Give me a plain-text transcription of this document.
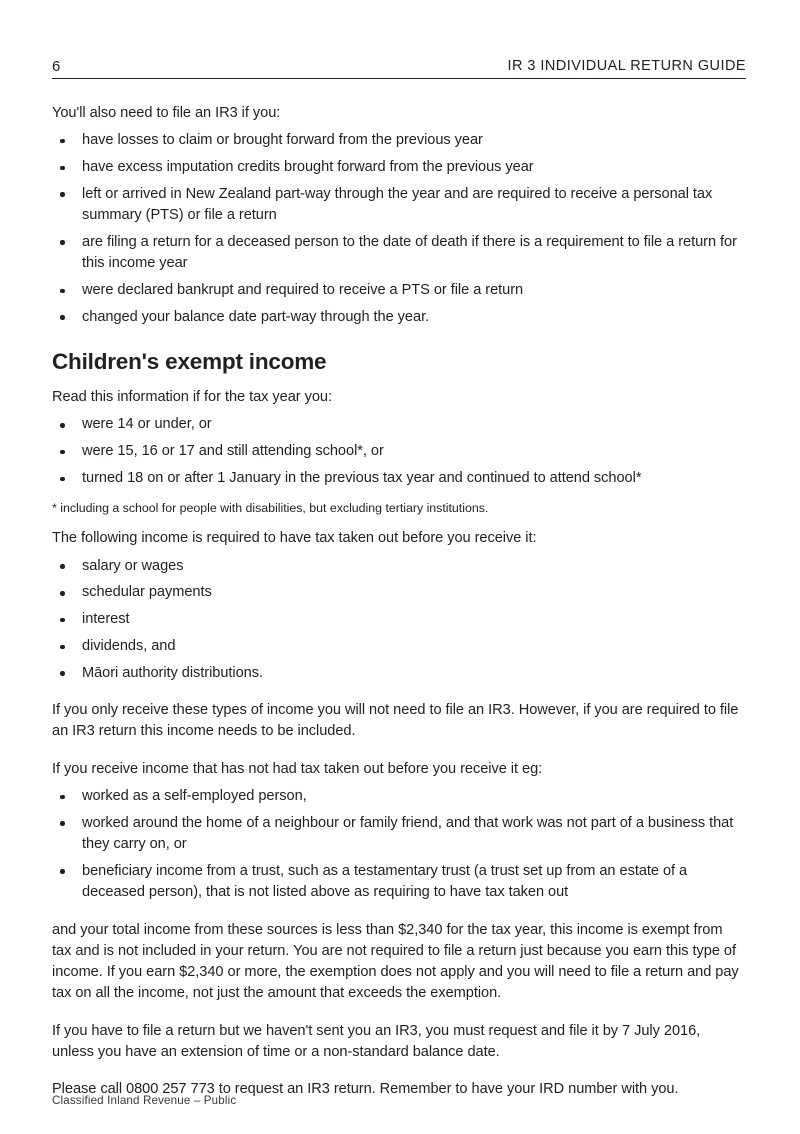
6	IR 3 INDIVIDUAL RETURN GUIDE

You'll also need to file an IR3 if you:

have losses to claim or brought forward from the previous year
have excess imputation credits brought forward from the previous year
left or arrived in New Zealand part-way through the year and are required to receive a personal tax summary (PTS) or file a return
are filing a return for a deceased person to the date of death if there is a requirement to file a return for this income year
were declared bankrupt and required to receive a PTS or file a return
changed your balance date part-way through the year.
Children's exempt income

Read this information if for the tax year you:

were 14 or under, or
were 15, 16 or 17 and still attending school*, or
turned 18 on or after 1 January in the previous tax year and continued to attend school*

* including a school for people with disabilities, but excluding tertiary institutions.

The following income is required to have tax taken out before you receive it:

salary or wages
schedular payments
interest
dividends, and
Māori authority distributions.

If you only receive these types of income you will not need to file an IR3. However, if you are required to file an IR3 return this income needs to be included.

If you receive income that has not had tax taken out before you receive it eg:

worked as a self-employed person,
worked around the home of a neighbour or family friend, and that work was not part of a business that they carry on, or
beneficiary income from a trust, such as a testamentary trust (a trust set up from an estate of a deceased person), that is not listed above as requiring to have tax taken out

and your total income from these sources is less than $2,340 for the tax year, this income is exempt from tax and is not included in your return. You are not required to file a return just because you earn this type of income. If you earn $2,340 or more, the exemption does not apply and you will need to file a return and pay tax on all the income, not just the amount that exceeds the exemption.

If you have to file a return but we haven't sent you an IR3, you must request and file it by 7 July 2016, unless you have an extension of time or a non-standard balance date.

Please call 0800 257 773 to request an IR3 return. Remember to have your IRD number with you.

Classified Inland Revenue – Public
